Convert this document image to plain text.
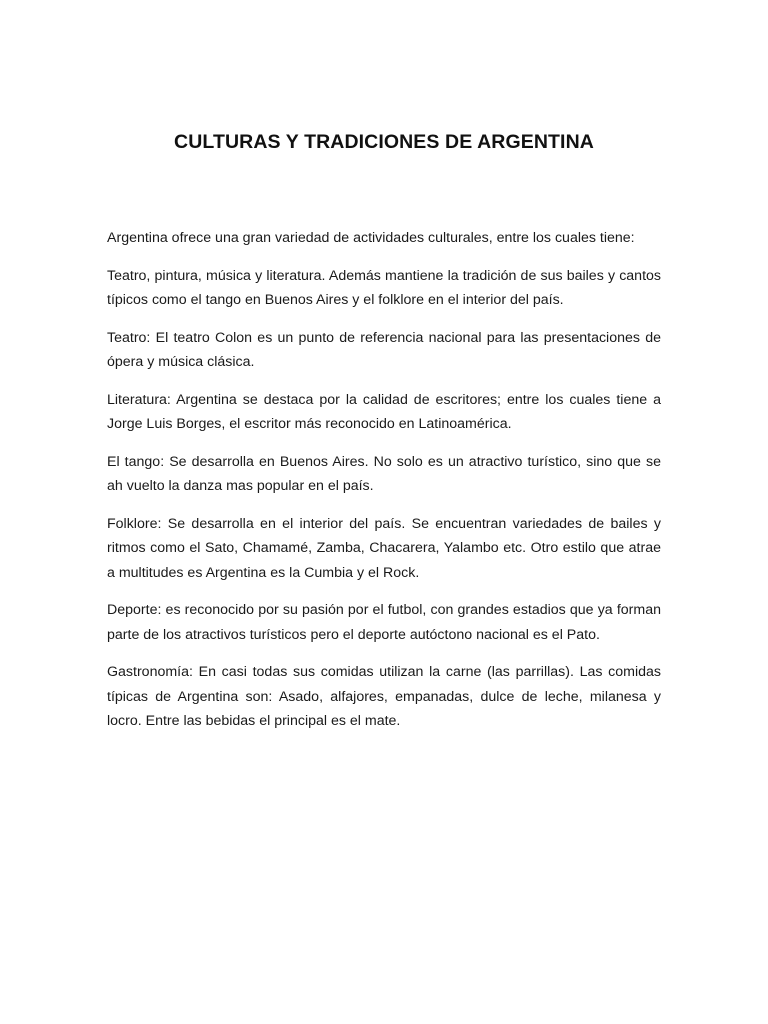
CULTURAS Y TRADICIONES DE ARGENTINA

Argentina ofrece una gran variedad de actividades culturales, entre los cuales tiene:

Teatro, pintura, música y literatura. Además mantiene la tradición de sus bailes y cantos típicos como el tango en Buenos Aires y el folklore en el interior del país.

Teatro: El teatro Colon es un punto de referencia nacional para las presentaciones de ópera y música clásica.

Literatura: Argentina se destaca por la calidad de escritores; entre los cuales tiene a Jorge Luis Borges, el escritor más reconocido en Latinoamérica.

El tango: Se desarrolla en Buenos Aires. No solo es un atractivo turístico, sino que se ah vuelto la danza mas popular en el país.

Folklore: Se desarrolla en el interior del país. Se encuentran variedades de bailes y ritmos como el Sato, Chamamé, Zamba, Chacarera, Yalambo etc. Otro estilo que atrae a multitudes es Argentina es la Cumbia y el Rock.

Deporte: es reconocido por su pasión por el futbol, con grandes estadios que ya forman parte de los atractivos turísticos pero el deporte autóctono nacional es el Pato.

Gastronomía: En casi todas sus comidas utilizan la carne (las parrillas). Las comidas típicas de Argentina son: Asado, alfajores, empanadas, dulce de leche, milanesa y locro. Entre las bebidas el principal es el mate.
